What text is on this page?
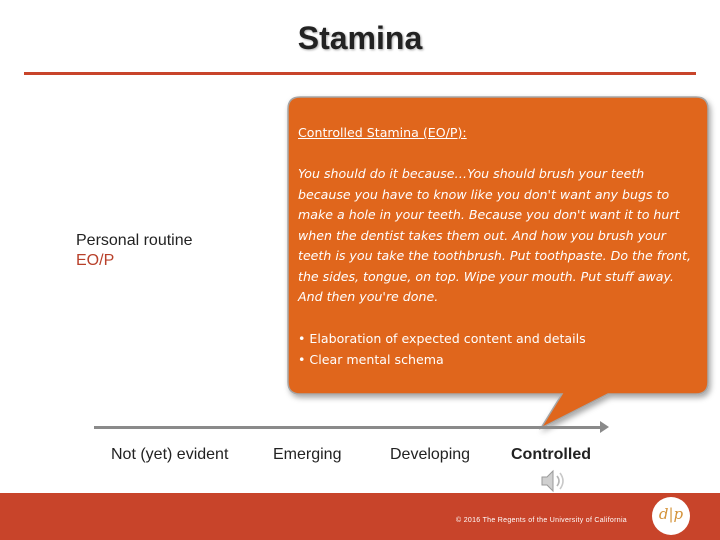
Stamina
Personal routine
EO/P
Controlled Stamina (EO/P):
You should do it because…You should brush your teeth because you have to know like you don't want any bugs to make a hole in your teeth. Because you don't want it to hurt when the dentist takes them out. And how you brush your teeth is you take the toothbrush. Put toothpaste. Do the front, the sides, tongue, on top. Wipe your mouth. Put stuff away. And then you're done.
• Elaboration of expected content and details
• Clear mental schema
Not (yet) evident	Emerging	Developing	Controlled
© 2016 The Regents of the University of California	d|p
